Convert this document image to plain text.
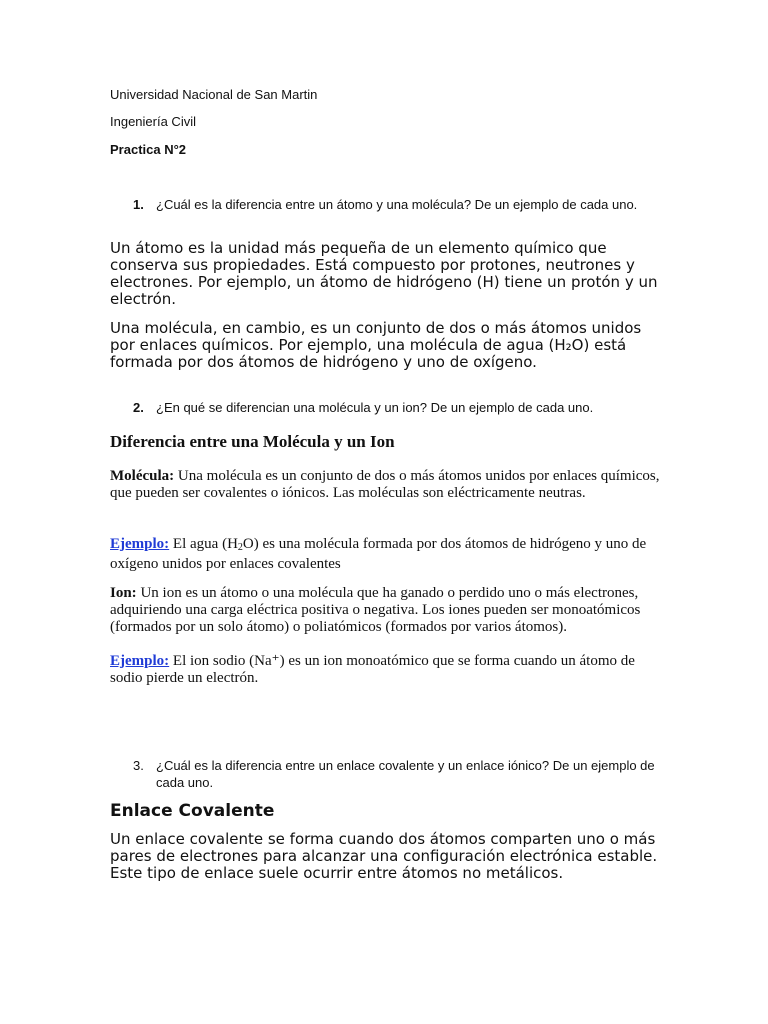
Universidad Nacional de San Martin
Ingeniería Civil
Practica N°2
1. ¿Cuál es la diferencia entre un átomo y una molécula? De un ejemplo de cada uno.
Un átomo es la unidad más pequeña de un elemento químico que conserva sus propiedades. Está compuesto por protones, neutrones y electrones. Por ejemplo, un átomo de hidrógeno (H) tiene un protón y un electrón.
Una molécula, en cambio, es un conjunto de dos o más átomos unidos por enlaces químicos. Por ejemplo, una molécula de agua (H₂O) está formada por dos átomos de hidrógeno y uno de oxígeno.
2. ¿En qué se diferencian una molécula y un ion? De un ejemplo de cada uno.
Diferencia entre una Molécula y un Ion
Molécula: Una molécula es un conjunto de dos o más átomos unidos por enlaces químicos, que pueden ser covalentes o iónicos. Las moléculas son eléctricamente neutras.
Ejemplo: El agua $(H_2O)$ es una molécula formada por dos átomos de hidrógeno y uno de oxígeno unidos por enlaces covalentes
Ion: Un ion es un átomo o una molécula que ha ganado o perdido uno o más electrones, adquiriendo una carga eléctrica positiva o negativa. Los iones pueden ser monoatómicos (formados por un solo átomo) o poliatómicos (formados por varios átomos).
Ejemplo: El ion sodio (Na⁺) es un ion monoatómico que se forma cuando un átomo de sodio pierde un electrón.
3. ¿Cuál es la diferencia entre un enlace covalente y un enlace iónico? De un ejemplo de cada uno.
Enlace Covalente
Un enlace covalente se forma cuando dos átomos comparten uno o más pares de electrones para alcanzar una configuración electrónica estable. Este tipo de enlace suele ocurrir entre átomos no metálicos.
